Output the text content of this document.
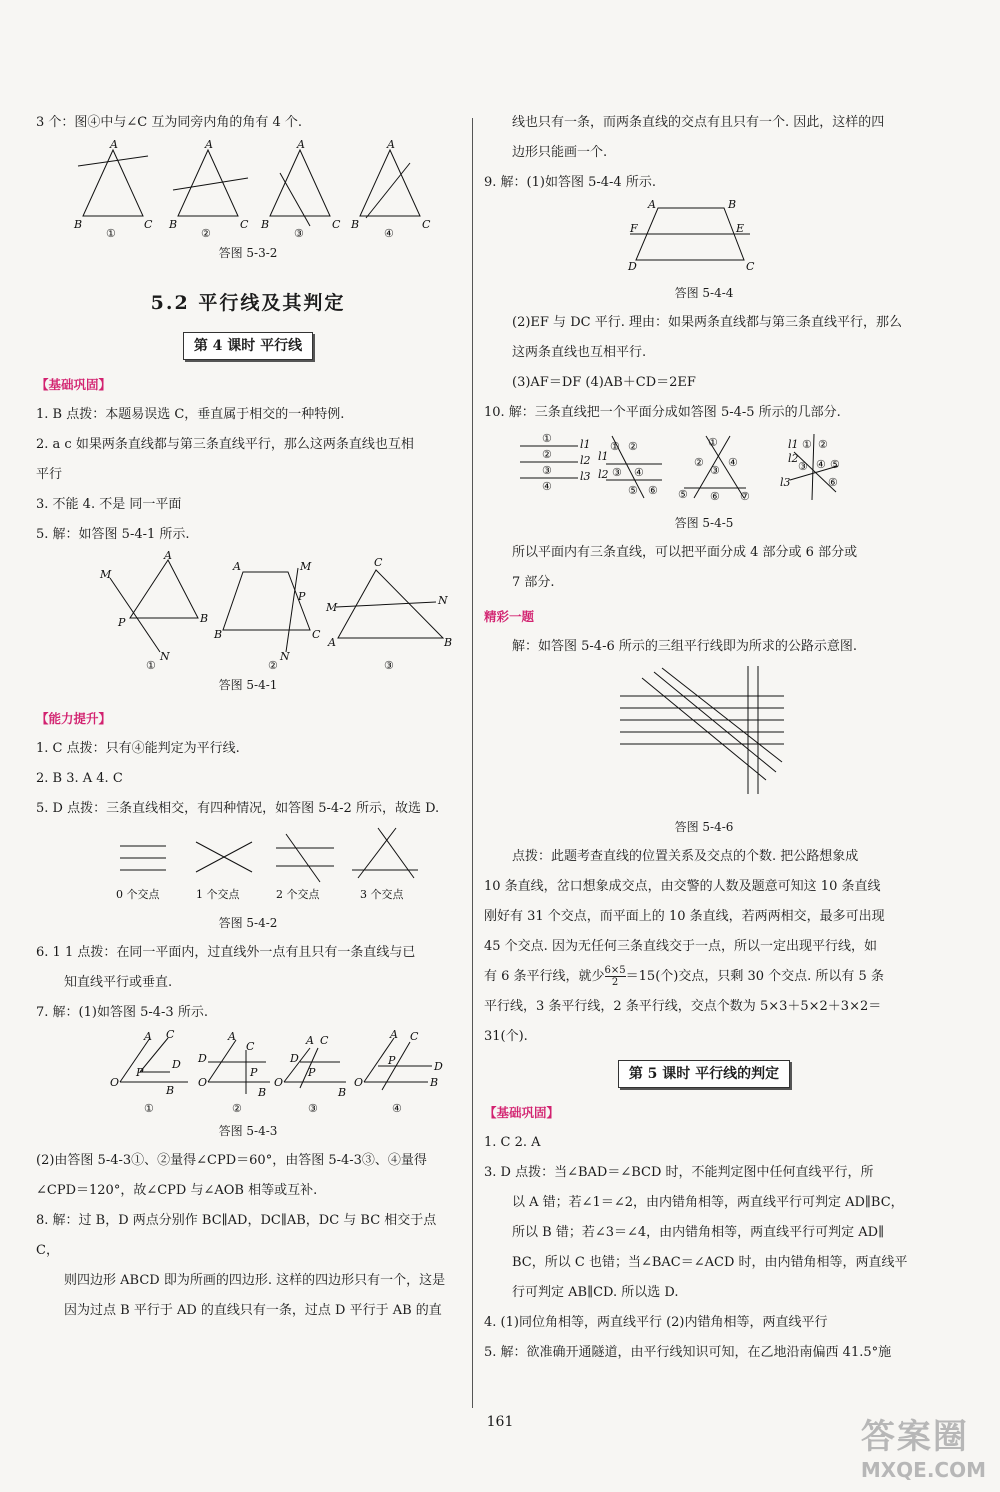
3 个：图④中与∠C 互为同旁内角的角有 4 个.

A
B	C
①
A
B	C
②
A
B	C
③
A
B	C
④

答图 5-3-2

5.2 平行线及其判定
第 4 课时 平行线

【基础巩固】

1. B 点拨：本题易误选 C，垂直属于相交的一种特例.

2. a c 如果两条直线都与第三条直线平行，那么这两条直线也互相

平行

3. 不能 4. 不是 同一平面

5. 解：如答图 5-4-1 所示.

M
A
B
P
N
①
A	M
P
B	C
N
②
C
M
N
A	B
③

答图 5-4-1

【能力提升】

1. C 点拨：只有④能判定为平行线.

2. B 3. A 4. C

5. D 点拨：三条直线相交，有四种情况，如答图 5-4-2 所示，故选 D.

0 个交点	1 个交点	2 个交点	3 个交点

答图 5-4-2

6. 1 1 点拨：在同一平面内，过直线外一点有且只有一条直线与已

知直线平行或垂直.

7. 解：(1)如答图 5-4-3 所示.

O
A C
D
P
B
①
A
D
C
O
P
B
②
A C
D
P
O
B
③
A C
D
P
O	B
④

答图 5-4-3

(2)由答图 5-4-3①、②量得∠CPD＝60°，由答图 5-4-3③、④量得

∠CPD＝120°，故∠CPD 与∠AOB 相等或互补.

8. 解：过 B，D 两点分别作 BC∥AD，DC∥AB，DC 与 BC 相交于点 C，

则四边形 ABCD 即为所画的四边形. 这样的四边形只有一个，这是

因为过点 B 平行于 AD 的直线只有一条，过点 D 平行于 AB 的直

线也只有一条，而两条直线的交点有且只有一个. 因此，这样的四

边形只能画一个.

9. 解：(1)如答图 5-4-4 所示.

A	B
F	E
D	C

答图 5-4-4

(2)EF 与 DC 平行. 理由：如果两条直线都与第三条直线平行，那么

这两条直线也互相平行.

(3)AF＝DF (4)AB＋CD＝2EF

10. 解：三条直线把一个平面分成如答图 5-4-5 所示的几部分.

①
②
③
④
l1
l2
l3
l1
l2
① ②
③ ④
⑤ ⑥
①
②
③
④
⑤ ⑥ ⑦
l1
l2
l3
① ②
③ ④ ⑤
⑥

答图 5-4-5

所以平面内有三条直线，可以把平面分成 4 部分或 6 部分或

7 部分.

精彩一题

解：如答图 5-4-6 所示的三组平行线即为所求的公路示意图.

答图 5-4-6

点拨：此题考查直线的位置关系及交点的个数. 把公路想象成

10 条直线，岔口想象成交点，由交警的人数及题意可知这 10 条直线

刚好有 31 个交点，而平面上的 10 条直线，若两两相交，最多可出现

45 个交点. 因为无任何三条直线交于一点，所以一定出现平行线，如

有 6 条平行线，就少 $\frac{6\times 5}{2} =15$(个)交点，只剩 30 个交点. 所以有 5 条

平行线，3 条平行线，2 条平行线，交点个数为 5×3＋5×2＋3×2＝

31(个).

第 5 课时 平行线的判定

【基础巩固】

1. C 2. A

3. D 点拨：当∠BAD＝∠BCD 时，不能判定图中任何直线平行，所

以 A 错；若∠1＝∠2，由内错角相等，两直线平行可判定 AD∥BC，

所以 B 错；若∠3＝∠4，由内错角相等，两直线平行可判定 AD∥

BC，所以 C 也错；当∠BAC＝∠ACD 时，由内错角相等，两直线平

行可判定 AB∥CD. 所以选 D.

4. (1)同位角相等，两直线平行 (2)内错角相等，两直线平行

5. 解：欲准确开通隧道，由平行线知识可知，在乙地沿南偏西 41.5°施

161	答案圈
MXQE.COM
